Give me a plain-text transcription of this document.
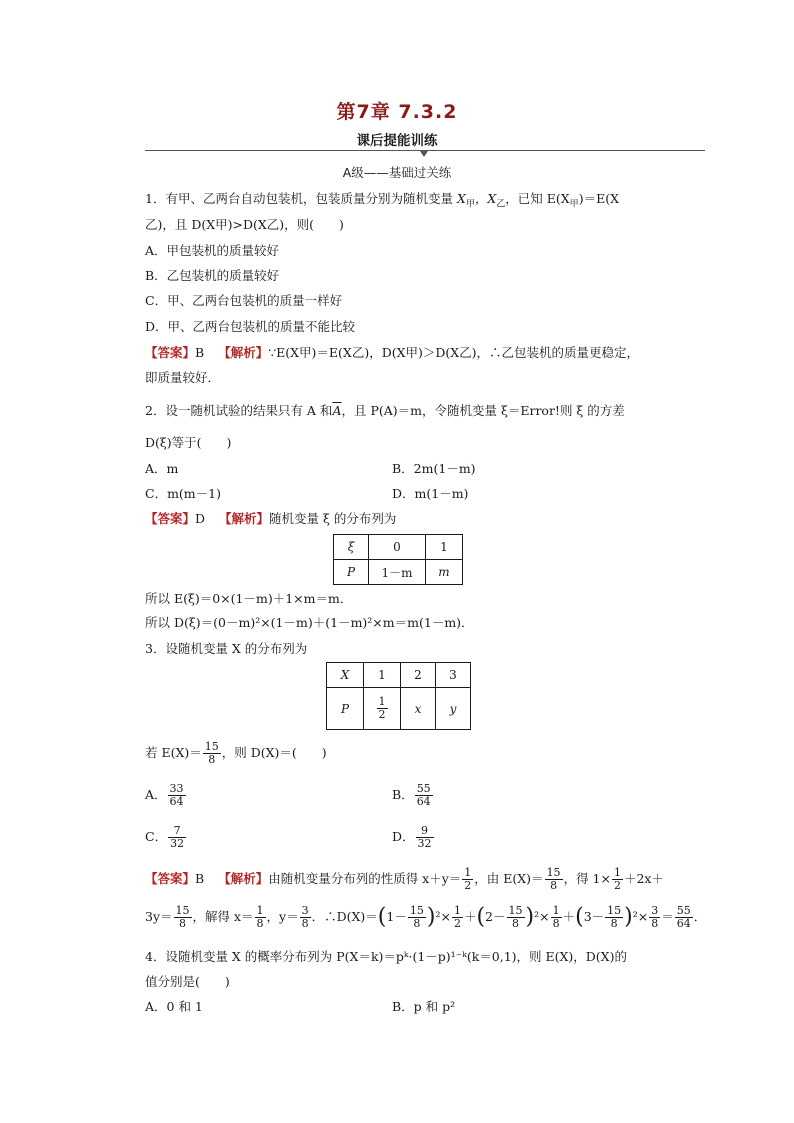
第7章 7.3.2
课后提能训练
A级——基础过关练
1．有甲、乙两台自动包装机，包装质量分别为随机变量 $X_甲$，$X_乙$，已知 $E(X_甲)=E(X$
乙)，且 D(X甲)>D(X乙)，则(　　)
A．甲包装机的质量较好
B．乙包装机的质量较好
C．甲、乙两台包装机的质量一样好
D．甲、乙两台包装机的质量不能比较
【答案】B 【解析】∵E(X甲)＝E(X乙)，D(X甲)＞D(X乙)，∴乙包装机的质量更稳定，
即质量较好．
2．设一随机试验的结果只有 A 和$\overline{A}$，且 P(A)＝m，令随机变量 ξ＝Error!则 ξ 的方差
D(ξ)等于(　　)
A．m	B．2m(1－m)
C．m(m－1)	D．m(1－m)
【答案】D 【解析】随机变量 ξ 的分布列为
ξ	0	1
P	1－m	m
所以 E(ξ)＝0×(1－m)＋1×m＝m．
所以 D(ξ)＝(0－m)²×(1－m)＋(1－m)²×m＝m(1－m)．
3．设随机变量 X 的分布列为
X	1	2	3
P	$\frac{1}{2}$	x	y
若 $E(X)= \frac{15}{8}$ ，则 D(X)＝(　　)
A． $\frac{33}{64}$	B． $\frac{55}{64}$
C． $\frac{7}{32}$	D． $\frac{9}{32}$
【答案】B 【解析】由随机变量分布列的性质得 $x+y= \frac{1}{2}$ ，由 $E(X)= \frac{15}{8}$ ，得 $1\times \frac{1}{2} +2x+$
$3y= \frac{15}{8}$ ，解得 $x= \frac{1}{8}$ ，$y= \frac{3}{8}$ ．∴D(X)＝(1－ $\frac{15}{8} )^2\times \frac{1}{2} +(2- \frac{15}{8} )^2\times \frac{1}{8} +(3- \frac{15}{8} )^2\times \frac{3}{8} = \frac{55}{64}$ ．
4．设随机变量 X 的概率分布列为 P(X＝k)＝pᵏ·(1－p)¹⁻ᵏ(k＝0,1)，则 E(X)，D(X)的
值分别是(　　)
A．0 和 1	B．p 和 p²
